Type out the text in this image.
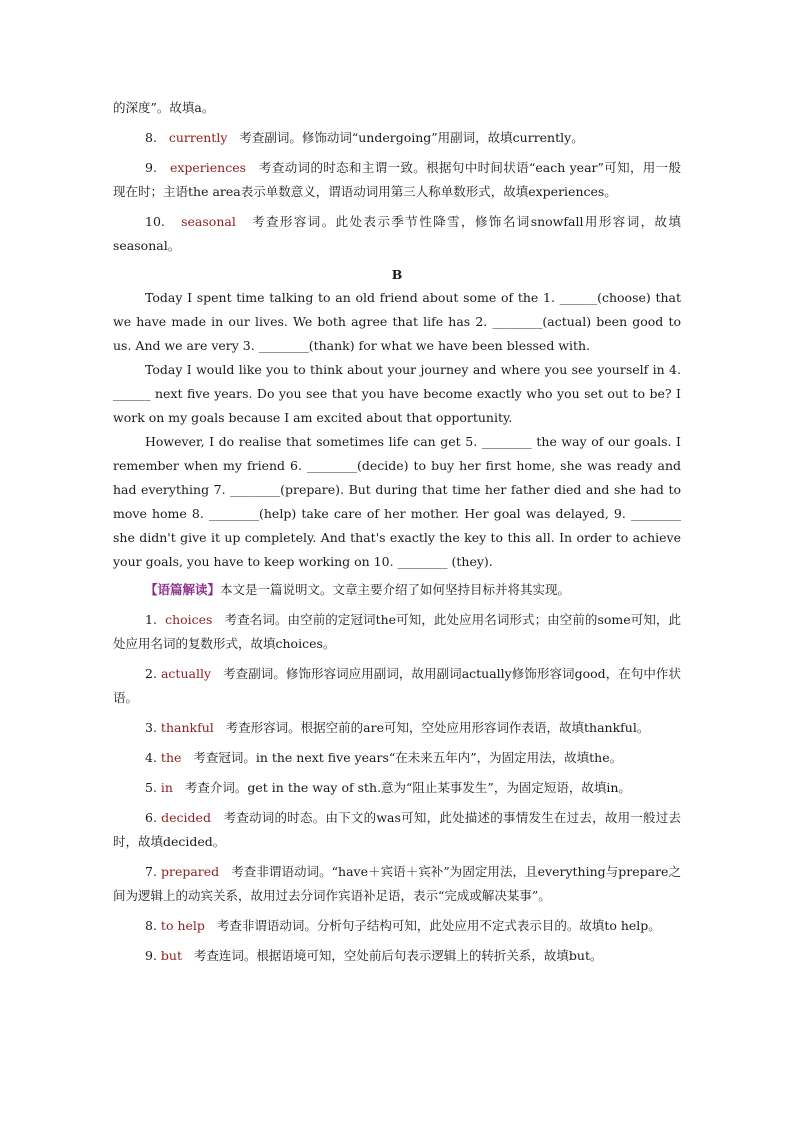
的深度”。故填a。

8. currently 考查副词。修饰动词“undergoing”用副词，故填currently。

9. experiences 考查动词的时态和主谓一致。根据句中时间状语“each year”可知，用一般现在时；主语the area表示单数意义，谓语动词用第三人称单数形式，故填experiences。

10. seasonal 考查形容词。此处表示季节性降雪，修饰名词snowfall用形容词，故填seasonal。

B

Today I spent time talking to an old friend about some of the 1. ______(choose) that we have made in our lives. We both agree that life has 2. ________(actual) been good to us. And we are very 3. ________(thank) for what we have been blessed with.

Today I would like you to think about your journey and where you see yourself in 4. ______ next five years. Do you see that you have become exactly who you set out to be? I work on my goals because I am excited about that opportunity.

However, I do realise that sometimes life can get 5. ________ the way of our goals. I remember when my friend 6. ________(decide) to buy her first home, she was ready and had everything 7. ________(prepare). But during that time her father died and she had to move home 8. ________(help) take care of her mother. Her goal was delayed, 9. ________ she didn't give it up completely. And that's exactly the key to this all. In order to achieve your goals, you have to keep working on 10. ________ (they).

【语篇解读】本文是一篇说明文。文章主要介绍了如何坚持目标并将其实现。

1. choices 考查名词。由空前的定冠词the可知，此处应用名词形式；由空前的some可知，此处应用名词的复数形式，故填choices。

2. actually 考查副词。修饰形容词应用副词，故用副词actually修饰形容词good，在句中作状语。

3. thankful 考查形容词。根据空前的are可知，空处应用形容词作表语，故填thankful。

4. the 考查冠词。in the next five years“在未来五年内”，为固定用法，故填the。

5. in 考查介词。get in the way of sth.意为“阻止某事发生”，为固定短语，故填in。

6. decided 考查动词的时态。由下文的was可知，此处描述的事情发生在过去，故用一般过去时，故填decided。

7. prepared 考查非谓语动词。“have＋宾语＋宾补”为固定用法，且everything与prepare之间为逻辑上的动宾关系，故用过去分词作宾语补足语，表示“完成或解决某事”。

8. to help 考查非谓语动词。分析句子结构可知，此处应用不定式表示目的。故填to help。

9. but 考查连词。根据语境可知，空处前后句表示逻辑上的转折关系，故填but。
